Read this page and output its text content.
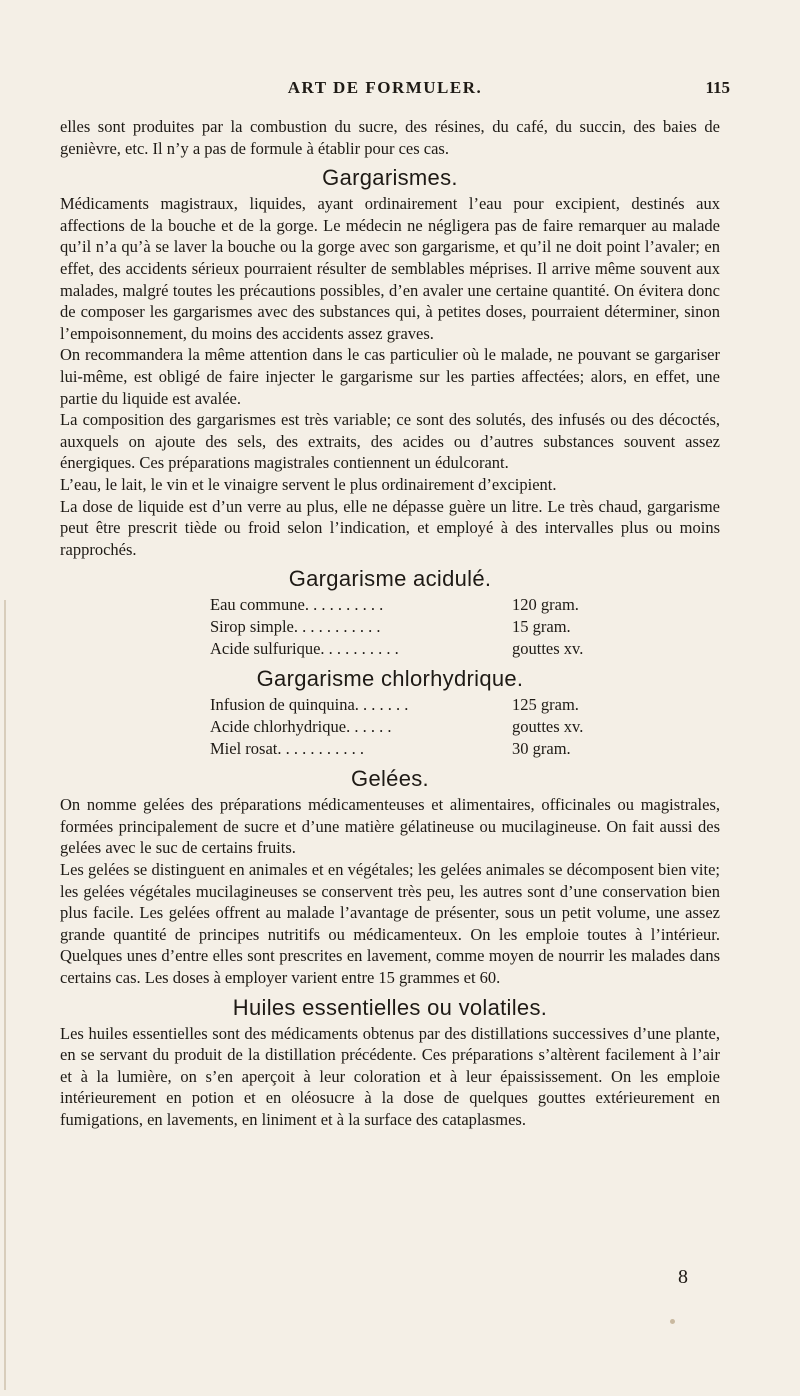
ART DE FORMULER.	115

elles sont produites par la combustion du sucre, des résines, du café, du succin, des baies de genièvre, etc. Il n’y a pas de formule à établir pour ces cas.

Gargarismes.

Médicaments magistraux, liquides, ayant ordinairement l’eau pour excipient, destinés aux affections de la bouche et de la gorge. Le médecin ne négligera pas de faire remarquer au malade qu’il n’a qu’à se laver la bouche ou la gorge avec son gargarisme, et qu’il ne doit point l’avaler; en effet, des accidents sérieux pourraient résulter de semblables méprises. Il arrive même souvent aux malades, malgré toutes les précautions possibles, d’en avaler une certaine quantité. On évitera donc de composer les gargarismes avec des substances qui, à petites doses, pourraient déterminer, sinon l’empoisonnement, du moins des accidents assez graves.

On recommandera la même attention dans le cas particulier où le malade, ne pouvant se gargariser lui-même, est obligé de faire injecter le gargarisme sur les parties affectées; alors, en effet, une partie du liquide est avalée.

La composition des gargarismes est très variable; ce sont des solutés, des infusés ou des décoctés, auxquels on ajoute des sels, des extraits, des acides ou d’autres substances souvent assez énergiques. Ces préparations magistrales contiennent un édulcorant.

L’eau, le lait, le vin et le vinaigre servent le plus ordinairement d’excipient.

La dose de liquide est d’un verre au plus, elle ne dépasse guère un litre. Le très chaud, gargarisme peut être prescrit tiède ou froid selon l’indication, et employé à des intervalles plus ou moins rapprochés.

Gargarisme acidulé.
Eau commune. . . . . . . . . .	120 gram.
Sirop simple. . . . . . . . . . .	15 gram.
Acide sulfurique. . . . . . . . . .	gouttes xv.
Gargarisme chlorhydrique.
Infusion de quinquina. . . . . . .	125 gram.
Acide chlorhydrique. . . . . .	gouttes xv.
Miel rosat. . . . . . . . . . .	30 gram.
Gelées.

On nomme gelées des préparations médicamenteuses et alimentaires, officinales ou magistrales, formées principalement de sucre et d’une matière gélatineuse ou mucilagineuse. On fait aussi des gelées avec le suc de certains fruits.

Les gelées se distinguent en animales et en végétales; les gelées animales se décomposent bien vite; les gelées végétales mucilagineuses se conservent très peu, les autres sont d’une conservation bien plus facile. Les gelées offrent au malade l’avantage de présenter, sous un petit volume, une assez grande quantité de principes nutritifs ou médicamenteux. On les emploie toutes à l’intérieur. Quelques unes d’entre elles sont prescrites en lavement, comme moyen de nourrir les malades dans certains cas. Les doses à employer varient entre 15 grammes et 60.

Huiles essentielles ou volatiles.

Les huiles essentielles sont des médicaments obtenus par des distillations successives d’une plante, en se servant du produit de la distillation précédente. Ces préparations s’altèrent facilement à l’air et à la lumière, on s’en aperçoit à leur coloration et à leur épaississement. On les emploie intérieurement en potion et en oléosucre à la dose de quelques gouttes extérieurement en fumigations, en lavements, en liniment et à la surface des cataplasmes.

8
